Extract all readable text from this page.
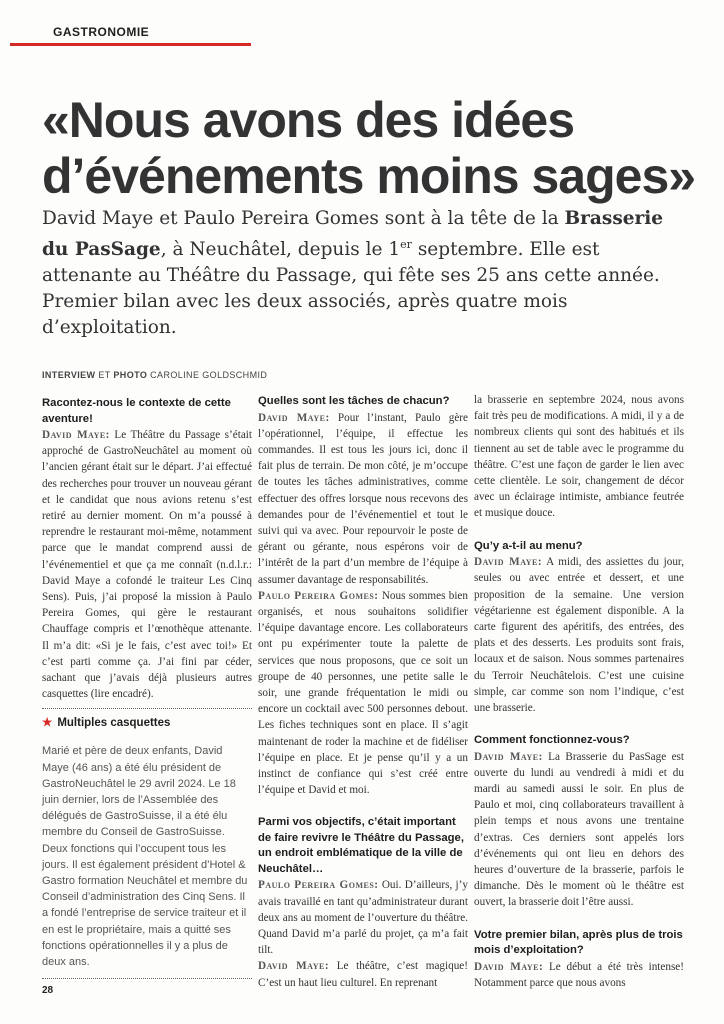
GASTRONOMIE
«Nous avons des idées d’événements moins sages»

David Maye et Paulo Pereira Gomes sont à la tête de la Brasserie du PasSage, à Neuchâtel, depuis le 1er septembre. Elle est attenante au Théâtre du Passage, qui fête ses 25 ans cette année. Premier bilan avec les deux associés, après quatre mois d’exploitation.

INTERVIEW ET PHOTO CAROLINE GOLDSCHMID

Racontez-nous le contexte de cette aventure!

David Maye: Le Théâtre du Passage s’était approché de GastroNeuchâtel au moment où l’ancien gérant était sur le départ. J’ai effectué des recherches pour trouver un nouveau gérant et le candidat que nous avions retenu s’est retiré au dernier moment. On m’a poussé à reprendre le restaurant moi-même, notamment parce que le mandat comprend aussi de l’événementiel et que ça me connaît (n.d.l.r.: David Maye a cofondé le traiteur Les Cinq Sens). Puis, j’ai proposé la mission à Paulo Pereira Gomes, qui gère le restaurant Chauffage compris et l’œnothèque attenante. Il m’a dit: «Si je le fais, c’est avec toi!» Et c’est parti comme ça. J’ai fini par céder, sachant que j’avais déjà plusieurs autres casquettes (lire encadré).

★ Multiples casquettes

Marié et père de deux enfants, David Maye (46 ans) a été élu président de GastroNeuchâtel le 29 avril 2024. Le 18 juin dernier, lors de l’Assemblée des délégués de GastroSuisse, il a été élu membre du Conseil de GastroSuisse. Deux fonctions qui l’occupent tous les jours. Il est également président d’Hotel & Gastro formation Neuchâtel et membre du Conseil d’administration des Cinq Sens. Il a fondé l’entreprise de service traiteur et il en est le propriétaire, mais a quitté ses fonctions opérationnelles il y a plus de deux ans.

Quelles sont les tâches de chacun?

David Maye: Pour l’instant, Paulo gère l’opérationnel, l’équipe, il effectue les commandes. Il est tous les jours ici, donc il fait plus de terrain. De mon côté, je m’occupe de toutes les tâches administratives, comme effectuer des offres lorsque nous recevons des demandes pour de l’événementiel et tout le suivi qui va avec. Pour repourvoir le poste de gérant ou gérante, nous espérons voir de l’intérêt de la part d’un membre de l’équipe à assumer davantage de responsabilités.

Paulo Pereira Gomes: Nous sommes bien organisés, et nous souhaitons solidifier l’équipe davantage encore. Les collaborateurs ont pu expérimenter toute la palette de services que nous proposons, que ce soit un groupe de 40 personnes, une petite salle le soir, une grande fréquentation le midi ou encore un cocktail avec 500 personnes debout. Les fiches techniques sont en place. Il s’agit maintenant de roder la machine et de fidéliser l’équipe en place. Et je pense qu’il y a un instinct de confiance qui s’est créé entre l’équipe et David et moi.

Parmi vos objectifs, c’était important de faire revivre le Théâtre du Passage, un endroit emblématique de la ville de Neuchâtel…

Paulo Pereira Gomes: Oui. D’ailleurs, j’y avais travaillé en tant qu’administrateur durant deux ans au moment de l’ouverture du théâtre. Quand David m’a parlé du projet, ça m’a fait tilt.

David Maye: Le théâtre, c’est magique! C’est un haut lieu culturel. En reprenant

la brasserie en septembre 2024, nous avons fait très peu de modifications. A midi, il y a de nombreux clients qui sont des habitués et ils tiennent au set de table avec le programme du théâtre. C’est une façon de garder le lien avec cette clientèle. Le soir, changement de décor avec un éclairage intimiste, ambiance feutrée et musique douce.

Qu’y a-t-il au menu?

David Maye: A midi, des assiettes du jour, seules ou avec entrée et dessert, et une proposition de la semaine. Une version végétarienne est également disponible. A la carte figurent des apéritifs, des entrées, des plats et des desserts. Les produits sont frais, locaux et de saison. Nous sommes partenaires du Terroir Neuchâtelois. C’est une cuisine simple, car comme son nom l’indique, c’est une brasserie.

Comment fonctionnez-vous?

David Maye: La Brasserie du PasSage est ouverte du lundi au vendredi à midi et du mardi au samedi aussi le soir. En plus de Paulo et moi, cinq collaborateurs travaillent à plein temps et nous avons une trentaine d’extras. Ces derniers sont appelés lors d’événements qui ont lieu en dehors des heures d’ouverture de la brasserie, parfois le dimanche. Dès le moment où le théâtre est ouvert, la brasserie doit l’être aussi.

Votre premier bilan, après plus de trois mois d’exploitation?

David Maye: Le début a été très intense! Notamment parce que nous avons

28
